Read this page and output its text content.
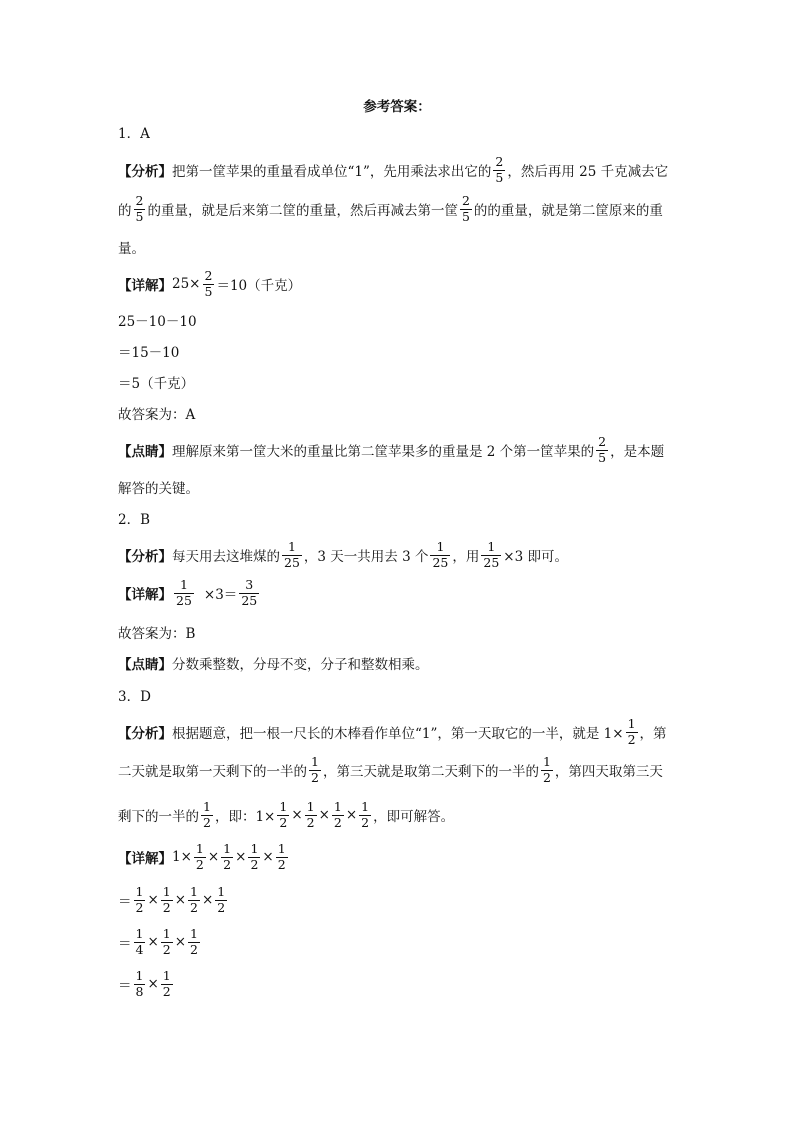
参考答案：
1．A
【分析】 把第一筐苹果的重量看成单位“1”，先用乘法求出它的 $\frac{2}{5}$ ，然后再用 25 千克减去它
的 $\frac{2}{5}$ 的重量，就是后来第二筐的重量，然后再减去第一筐 $\frac{2}{5}$ 的的重量，就是第二筐原来的重
量。
【详解】 $25\times \frac{2}{5} =10$（千克）
25－10－10
＝15－10
＝5（千克）
故答案为：A
【点睛】 理解原来第一筐大米的重量比第二筐苹果多的重量是 2 个第一筐苹果的 $\frac{2}{5}$ ，是本题
解答的关键。
2．B
【分析】 每天用去这堆煤的 $\frac{1}{25}$ ，3 天一共用去 3 个 $\frac{1}{25}$ ，用 $\frac{1}{25} \times 3$ 即可。
【详解】 $\frac{1}{25} \times 3= \frac{3}{25}$
故答案为：B
【点睛】 分数乘整数，分母不变，分子和整数相乘。
3．D
【分析】 根据题意，把一根一尺长的木棒看作单位“1”，第一天取它的一半，就是 $1\times \frac{1}{2}$ ，第
二天就是取第一天剩下的一半的 $\frac{1}{2}$ ，第三天就是取第二天剩下的一半的 $\frac{1}{2}$ ，第四天取第三天
剩下的一半的 $\frac{1}{2}$ ，即：$1\times \frac{1}{2} \times \frac{1}{2} \times \frac{1}{2} \times \frac{1}{2}$ ，即可解答。
【详解】 $1\times \frac{1}{2} \times \frac{1}{2} \times \frac{1}{2} \times \frac{1}{2}$
＝ $\frac{1}{2} \times \frac{1}{2} \times \frac{1}{2} \times \frac{1}{2}$
＝ $\frac{1}{4} \times \frac{1}{2} \times \frac{1}{2}$
＝ $\frac{1}{8} \times \frac{1}{2}$
